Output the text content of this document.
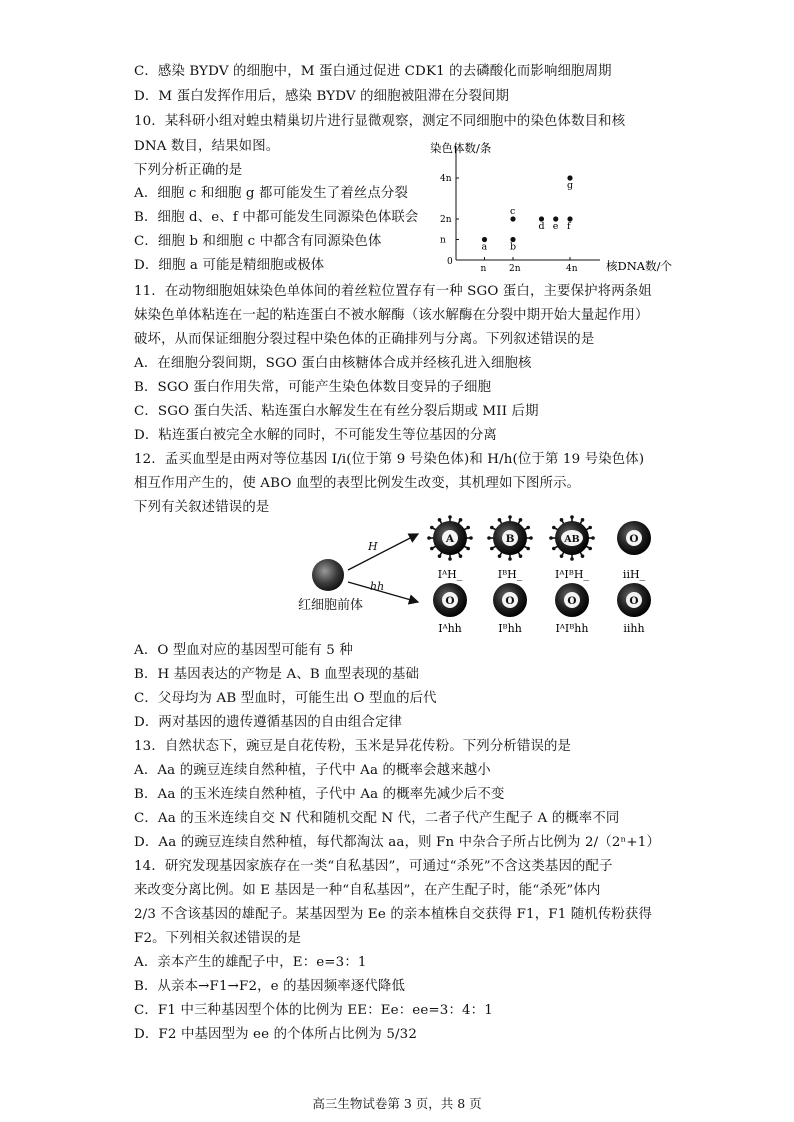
C．感染 BYDV 的细胞中，M 蛋白通过促进 CDK1 的去磷酸化而影响细胞周期
D．M 蛋白发挥作用后，感染 BYDV 的细胞被阻滞在分裂间期
10．某科研小组对蝗虫精巢切片进行显微观察，测定不同细胞中的染色体数目和核
DNA 数目，结果如图。
下列分析正确的是
A．细胞 c 和细胞 g 都可能发生了着丝点分裂
B．细胞 d、e、f 中都可能发生同源染色体联会
C．细胞 b 和细胞 c 中都含有同源染色体
D．细胞 a 可能是精细胞或极体
11．在动物细胞姐妹染色单体间的着丝粒位置存有一种 SGO 蛋白，主要保护将两条姐
妹染色单体粘连在一起的粘连蛋白不被水解酶（该水解酶在分裂中期开始大量起作用）
破坏，从而保证细胞分裂过程中染色体的正确排列与分离。下列叙述错误的是
A．在细胞分裂间期，SGO 蛋白由核糖体合成并经核孔进入细胞核
B．SGO 蛋白作用失常，可能产生染色体数目变异的子细胞
C．SGO 蛋白失活、粘连蛋白水解发生在有丝分裂后期或 MII 后期
D．粘连蛋白被完全水解的同时，不可能发生等位基因的分离
12．孟买血型是由两对等位基因 I/i(位于第 9 号染色体)和 H/h(位于第 19 号染色体)
相互作用产生的，使 ABO 血型的表型比例发生改变，其机理如下图所示。
下列有关叙述错误的是
A．O 型血对应的基因型可能有 5 种
B．H 基因表达的产物是 A、B 血型表现的基础
C．父母均为 AB 型血时，可能生出 O 型血的后代
D．两对基因的遗传遵循基因的自由组合定律
13．自然状态下，豌豆是自花传粉，玉米是异花传粉。下列分析错误的是
A．Aa 的豌豆连续自然种植，子代中 Aa 的概率会越来越小
B．Aa 的玉米连续自然种植，子代中 Aa 的概率先减少后不变
C．Aa 的玉米连续自交 N 代和随机交配 N 代，二者子代产生配子 A 的概率不同
D．Aa 的豌豆连续自然种植，每代都淘汰 aa，则 Fn 中杂合子所占比例为 2/（2ⁿ+1）
14．研究发现基因家族存在一类“自私基因”，可通过“杀死”不含这类基因的配子
来改变分离比例。如 E 基因是一种“自私基因”，在产生配子时，能“杀死”体内
2/3 不含该基因的雄配子。某基因型为 Ee 的亲本植株自交获得 F1，F1 随机传粉获得
F2。下列相关叙述错误的是
A．亲本产生的雄配子中，E：e=3：1
B．从亲本→F1→F2，e 的基因频率逐代降低
C．F1 中三种基因型个体的比例为 EE：Ee：ee=3：4：1
D．F2 中基因型为 ee 的个体所占比例为 5/32
染色体数/条
核DNA数/个
0
n
2n
4n
n	2n	4n
a b
c
d e f
g
红细胞前体
H
hh
A
IᴬH_
B
IᴮH_
AB
IᴬIᴮH_
O
iiH_
O
Iᴬhh
O
Iᴮhh
O
IᴬIᴮhh
O
iihh
高三生物试卷第 3 页，共 8 页
